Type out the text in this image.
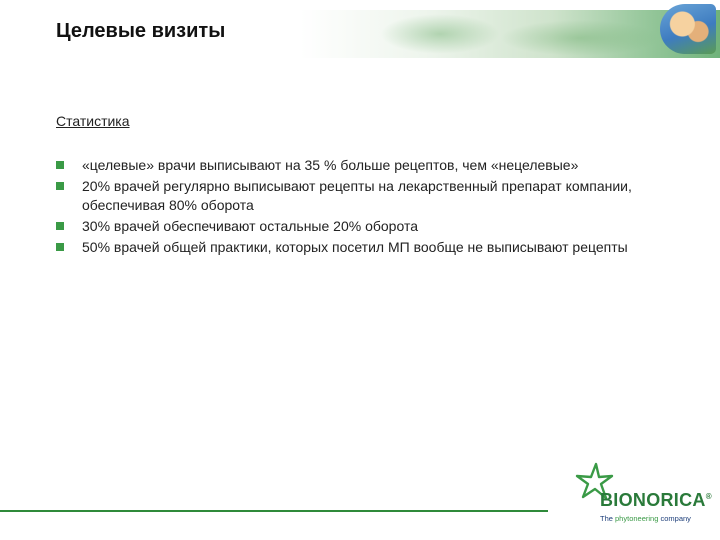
Целевые визиты
Статистика
«целевые» врачи выписывают на 35 % больше рецептов, чем «нецелевые»
20% врачей регулярно выписывают рецепты на лекарственный препарат компании, обеспечивая 80% оборота
30% врачей обеспечивают остальные 20% оборота
50% врачей общей практики, которых посетил МП вообще не выписывают рецепты
BIONORICA®
The phytoneering company
